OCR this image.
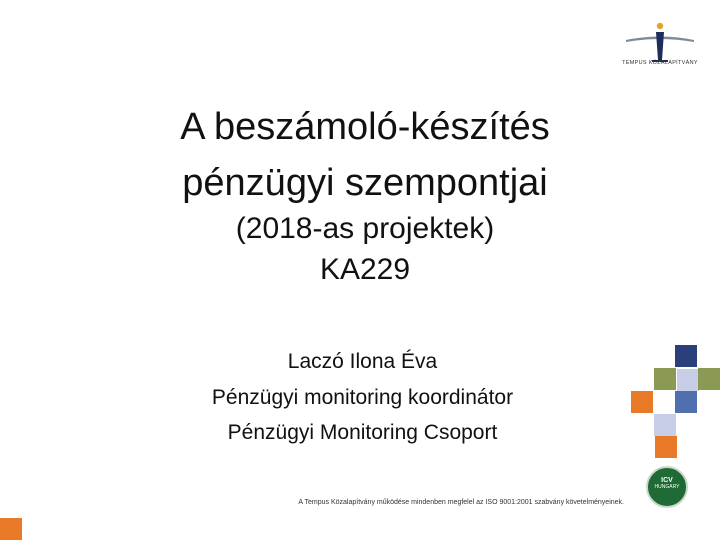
TEMPUS KÖZALAPÍTVÁNY
A beszámoló-készítés
pénzügyi szempontjai
(2018-as projektek)
KA229
Laczó Ilona Éva
Pénzügyi monitoring koordinátor
Pénzügyi Monitoring Csoport
ICV
HUNGARY
A Tempus Közalapítvány működése mindenben megfelel az ISO 9001:2001 szabvány követelményeinek.
